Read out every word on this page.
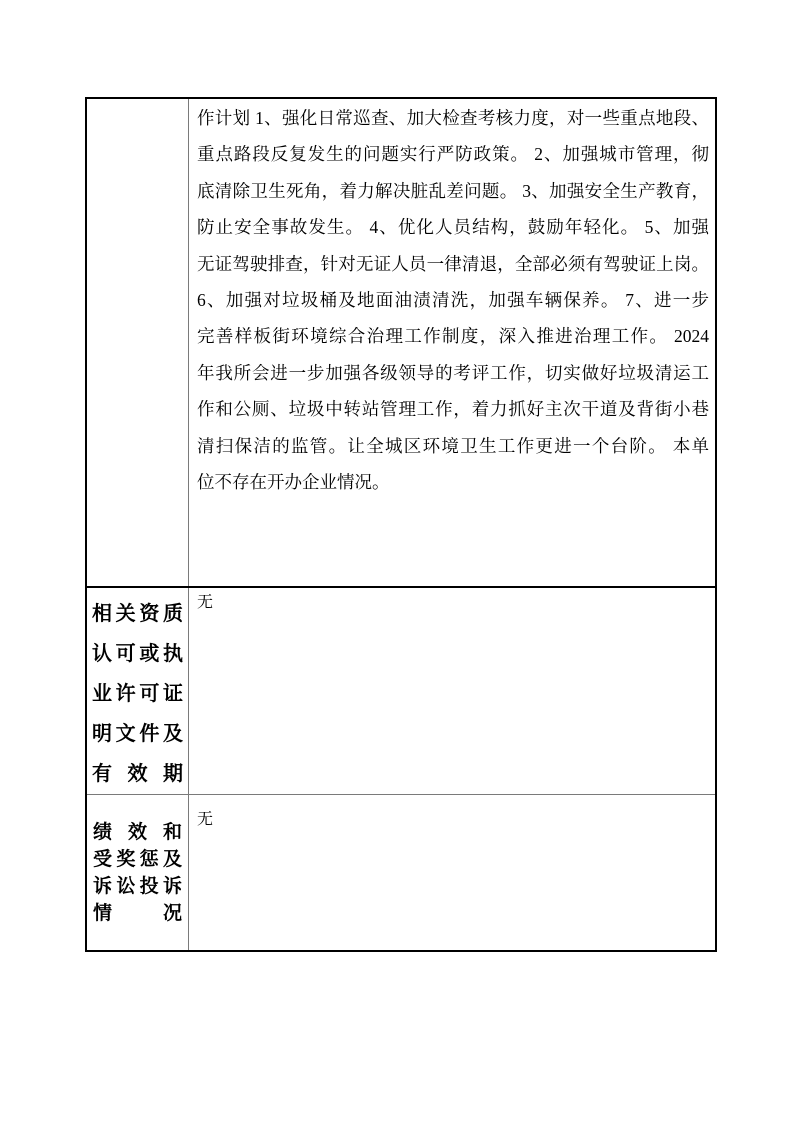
作计划 1、强化日常巡查、加大检查考核力度，对一些重点地段、
重点路段反复发生的问题实行严防政策。 2、加强城市管理，彻
底清除卫生死角，着力解决脏乱差问题。 3、加强安全生产教育，
防止安全事故发生。 4、优化人员结构，鼓励年轻化。 5、加强
无证驾驶排查，针对无证人员一律清退，全部必须有驾驶证上岗。
6、加强对垃圾桶及地面油渍清洗，加强车辆保养。 7、进一步
完善样板街环境综合治理工作制度，深入推进治理工作。 2024
年我所会进一步加强各级领导的考评工作，切实做好垃圾清运工
作和公厕、垃圾中转站管理工作，着力抓好主次干道及背街小巷
清扫保洁的监管。让全城区环境卫生工作更进一个台阶。 本单
位不存在开办企业情况。
相关资质
认可或执
业许可证
明文件及
有效期
无
绩效和
受奖惩及
诉讼投诉
情况
无
